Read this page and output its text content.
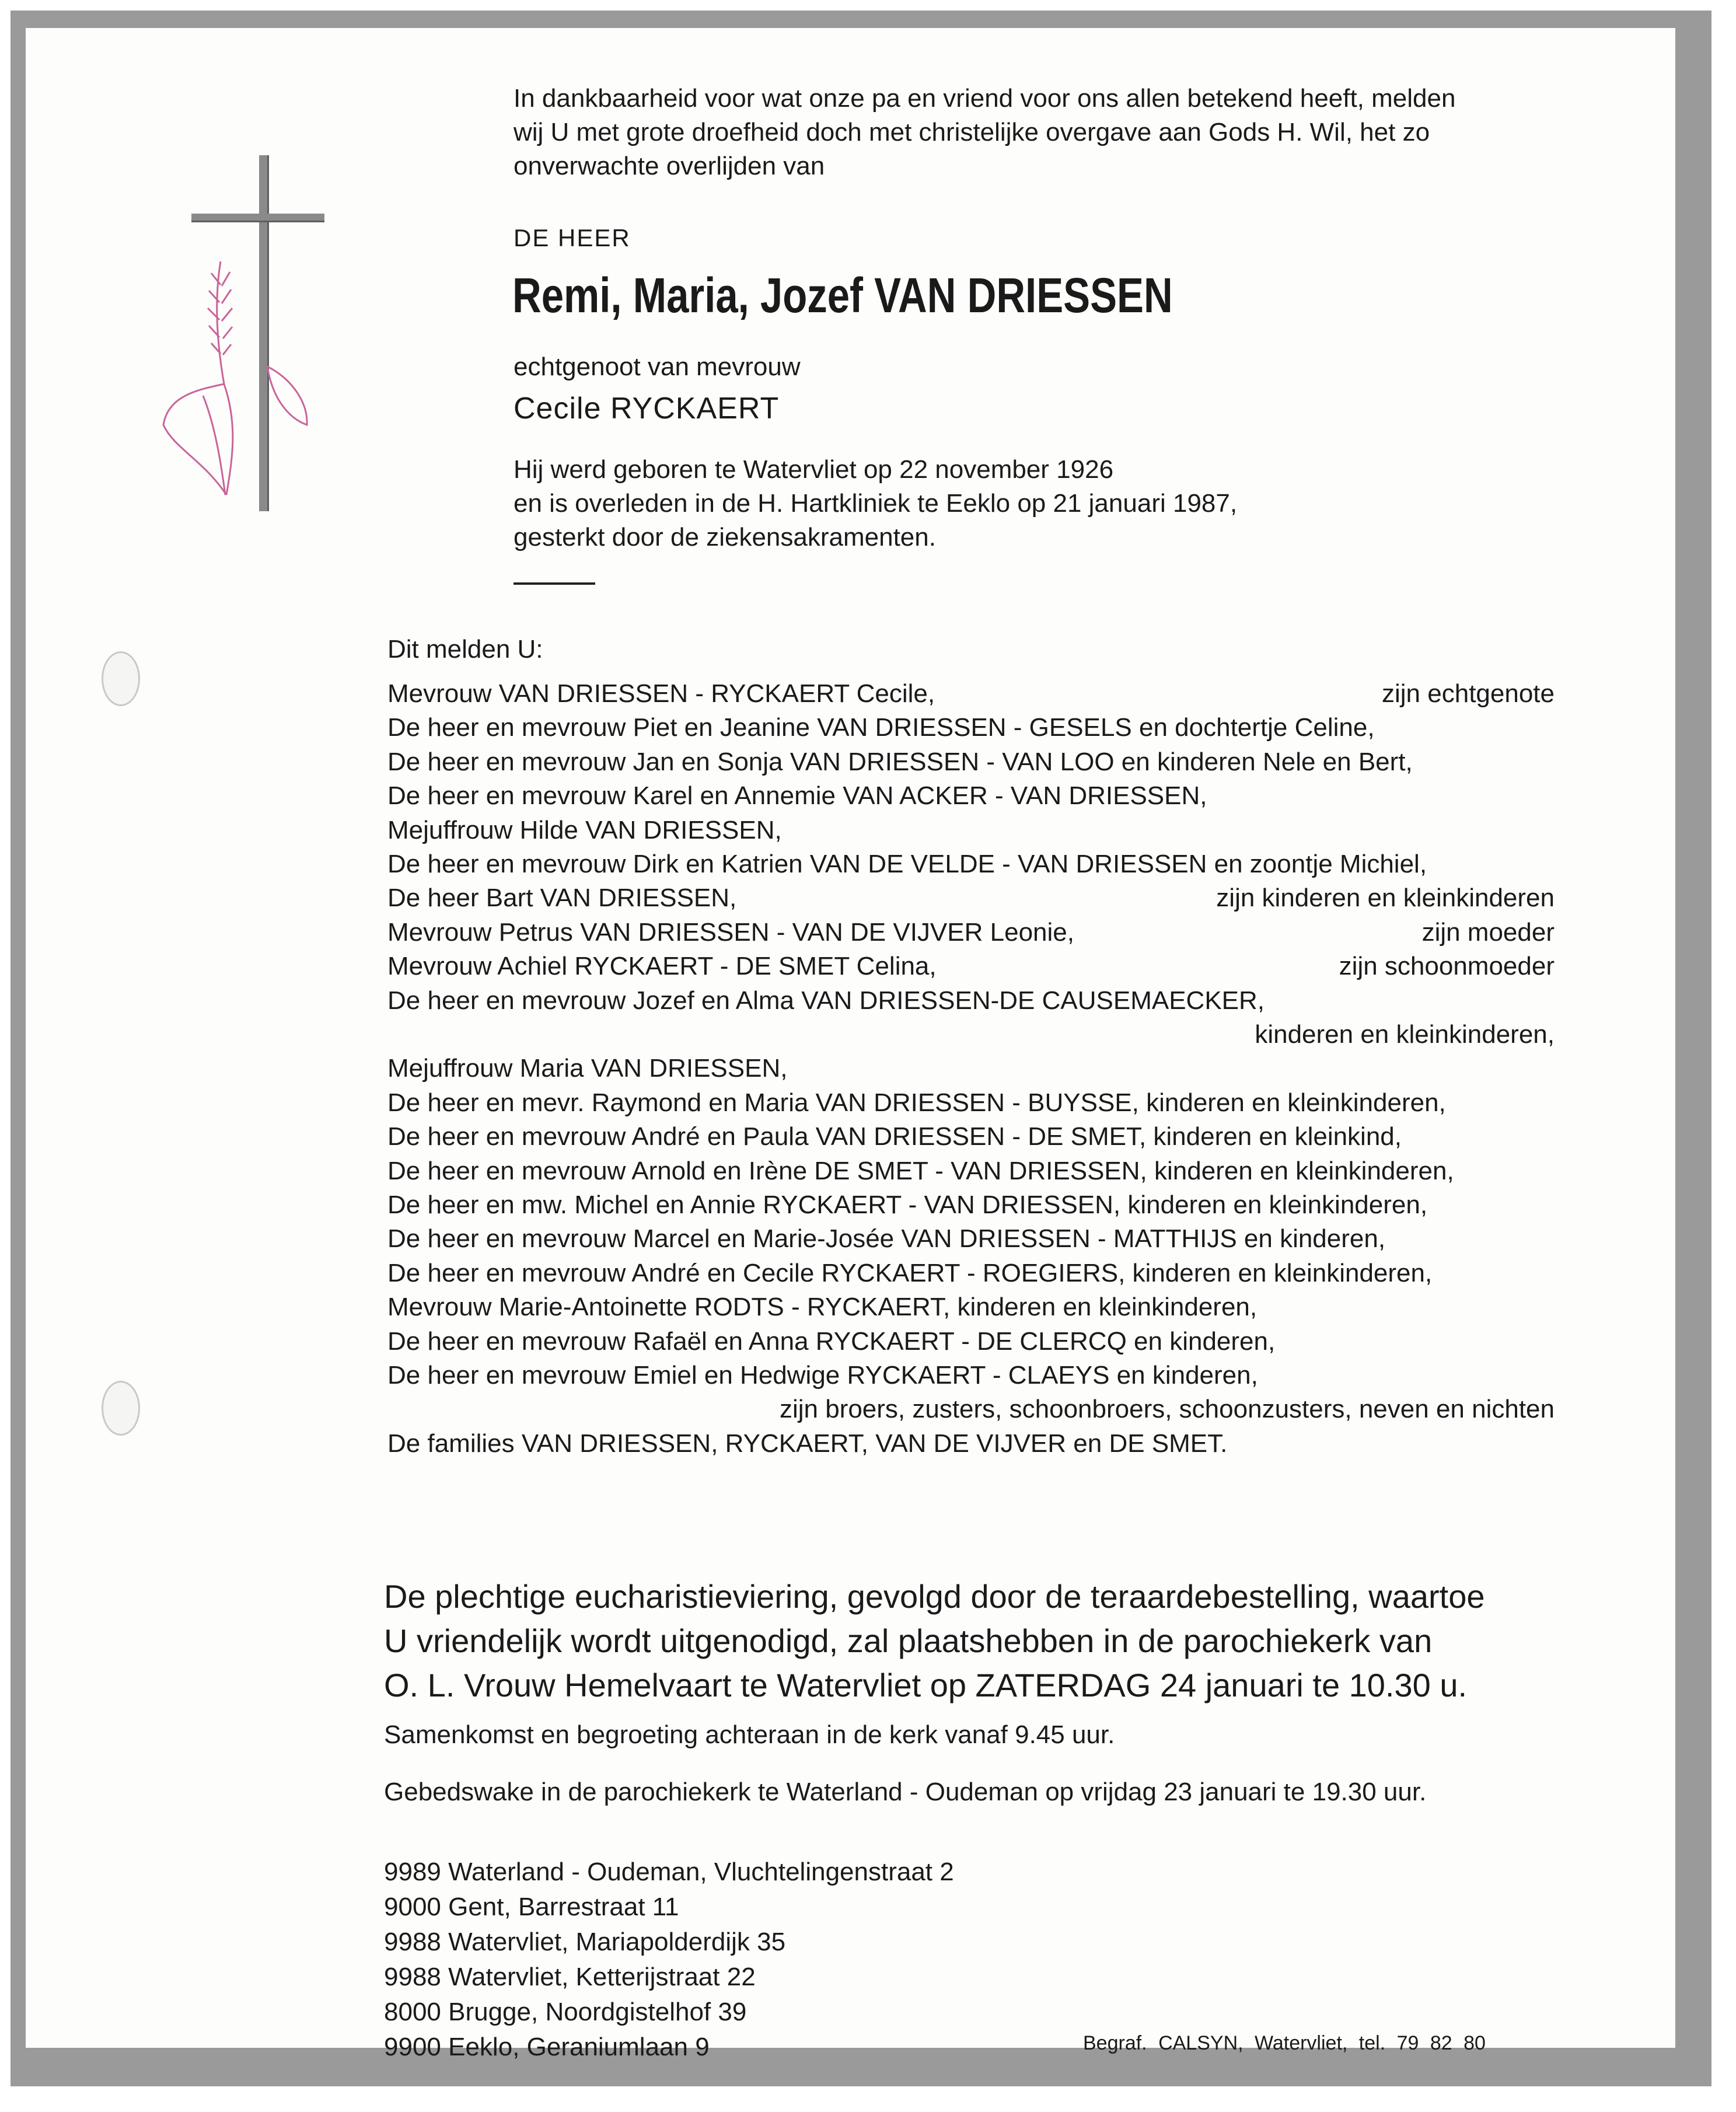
In dankbaarheid voor wat onze pa en vriend voor ons allen betekend heeft, melden

wij U met grote droefheid doch met christelijke overgave aan Gods H. Wil, het zo

onverwachte overlijden van

DE HEER
Remi, Maria, Jozef VAN DRIESSEN
echtgenoot van mevrouw
Cecile RYCKAERT

Hij werd geboren te Watervliet op 22 november 1926

en is overleden in de H. Hartkliniek te Eeklo op 21 januari 1987,

gesterkt door de ziekensakramenten.

Dit melden U:
Mevrouw VAN DRIESSEN - RYCKAERT Cecile,	zijn echtgenote
De heer en mevrouw Piet en Jeanine VAN DRIESSEN - GESELS en dochtertje Celine,
De heer en mevrouw Jan en Sonja VAN DRIESSEN - VAN LOO en kinderen Nele en Bert,
De heer en mevrouw Karel en Annemie VAN ACKER - VAN DRIESSEN,
Mejuffrouw Hilde VAN DRIESSEN,
De heer en mevrouw Dirk en Katrien VAN DE VELDE - VAN DRIESSEN en zoontje Michiel,
De heer Bart VAN DRIESSEN,	zijn kinderen en kleinkinderen
Mevrouw Petrus VAN DRIESSEN - VAN DE VIJVER Leonie,	zijn moeder
Mevrouw Achiel RYCKAERT - DE SMET Celina,	zijn schoonmoeder
De heer en mevrouw Jozef en Alma VAN DRIESSEN-DE CAUSEMAECKER,
kinderen en kleinkinderen,
Mejuffrouw Maria VAN DRIESSEN,
De heer en mevr. Raymond en Maria VAN DRIESSEN - BUYSSE, kinderen en kleinkinderen,
De heer en mevrouw André en Paula VAN DRIESSEN - DE SMET, kinderen en kleinkind,
De heer en mevrouw Arnold en Irène DE SMET - VAN DRIESSEN, kinderen en kleinkinderen,
De heer en mw. Michel en Annie RYCKAERT - VAN DRIESSEN, kinderen en kleinkinderen,
De heer en mevrouw Marcel en Marie-Josée VAN DRIESSEN - MATTHIJS en kinderen,
De heer en mevrouw André en Cecile RYCKAERT - ROEGIERS, kinderen en kleinkinderen,
Mevrouw Marie-Antoinette RODTS - RYCKAERT, kinderen en kleinkinderen,
De heer en mevrouw Rafaël en Anna RYCKAERT - DE CLERCQ en kinderen,
De heer en mevrouw Emiel en Hedwige RYCKAERT - CLAEYS en kinderen,
zijn broers, zusters, schoonbroers, schoonzusters, neven en nichten
De families VAN DRIESSEN, RYCKAERT, VAN DE VIJVER en DE SMET.

De plechtige eucharistieviering, gevolgd door de teraardebestelling, waartoe

U vriendelijk wordt uitgenodigd, zal plaatshebben in de parochiekerk van

O. L. Vrouw Hemelvaart te Watervliet op ZATERDAG 24 januari te 10.30 u.

Samenkomst en begroeting achteraan in de kerk vanaf 9.45 uur.
Gebedswake in de parochiekerk te Waterland - Oudeman op vrijdag 23 januari te 19.30 uur.

9989 Waterland - Oudeman, Vluchtelingenstraat 2

9000 Gent, Barrestraat 11

9988 Watervliet, Mariapolderdijk 35

9988 Watervliet, Ketterijstraat 22

8000 Brugge, Noordgistelhof 39

9900 Eeklo, Geraniumlaan 9	Begraf. CALSYN, Watervliet, tel. 79 82 80
